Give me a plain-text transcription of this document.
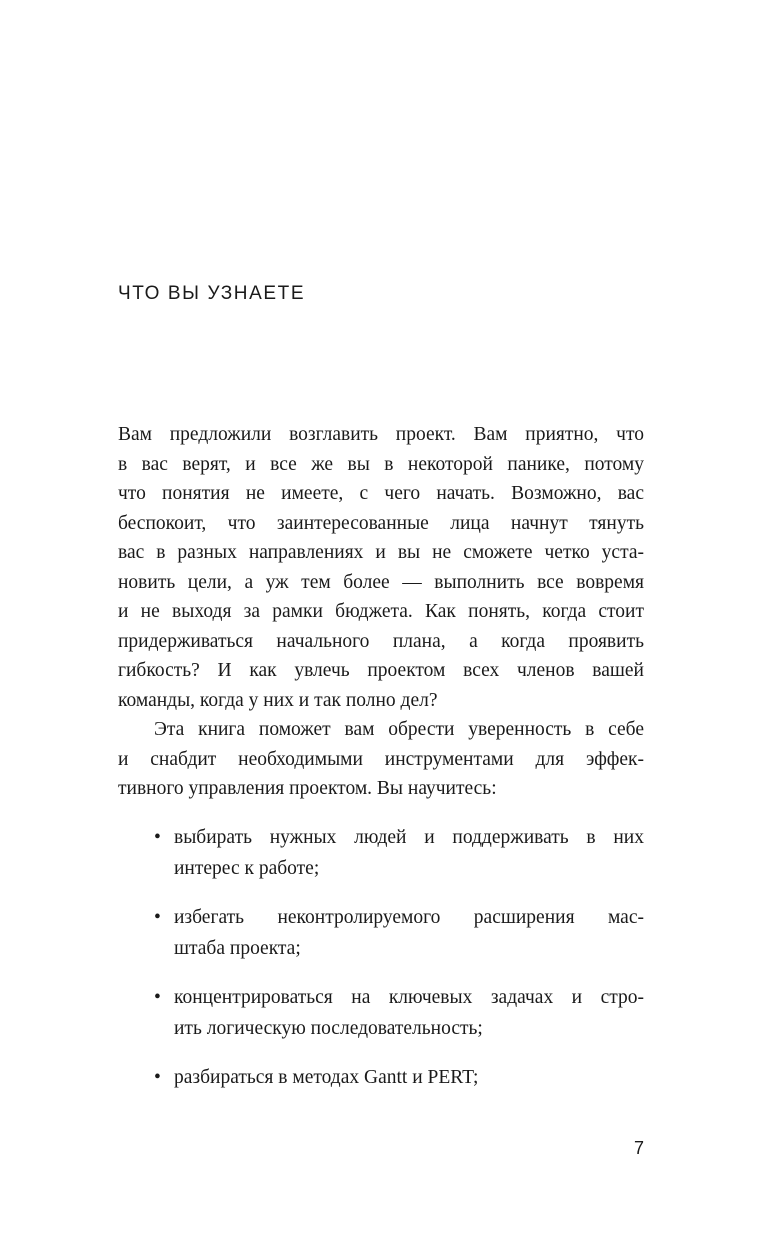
ЧТО ВЫ УЗНАЕТЕ
Вам предложили возглавить проект. Вам приятно, что
в вас верят, и все же вы в некоторой панике, потому
что понятия не имеете, с чего начать. Возможно, вас
беспокоит, что заинтересованные лица начнут тянуть
вас в разных направлениях и вы не сможете четко уста-
новить цели, а уж тем более — выполнить все вовремя
и не выходя за рамки бюджета. Как понять, когда стоит
придерживаться начального плана, а когда проявить
гибкость? И как увлечь проектом всех членов вашей
команды, когда у них и так полно дел?
Эта книга поможет вам обрести уверенность в себе
и снабдит необходимыми инструментами для эффек-
тивного управления проектом. Вы научитесь:
• выбирать нужных людей и поддерживать в них
интерес к работе;
• избегать неконтролируемого расширения мас-
штаба проекта;
• концентрироваться на ключевых задачах и стро-
ить логическую последовательность;
• разбираться в методах Gantt и PERT;
7
